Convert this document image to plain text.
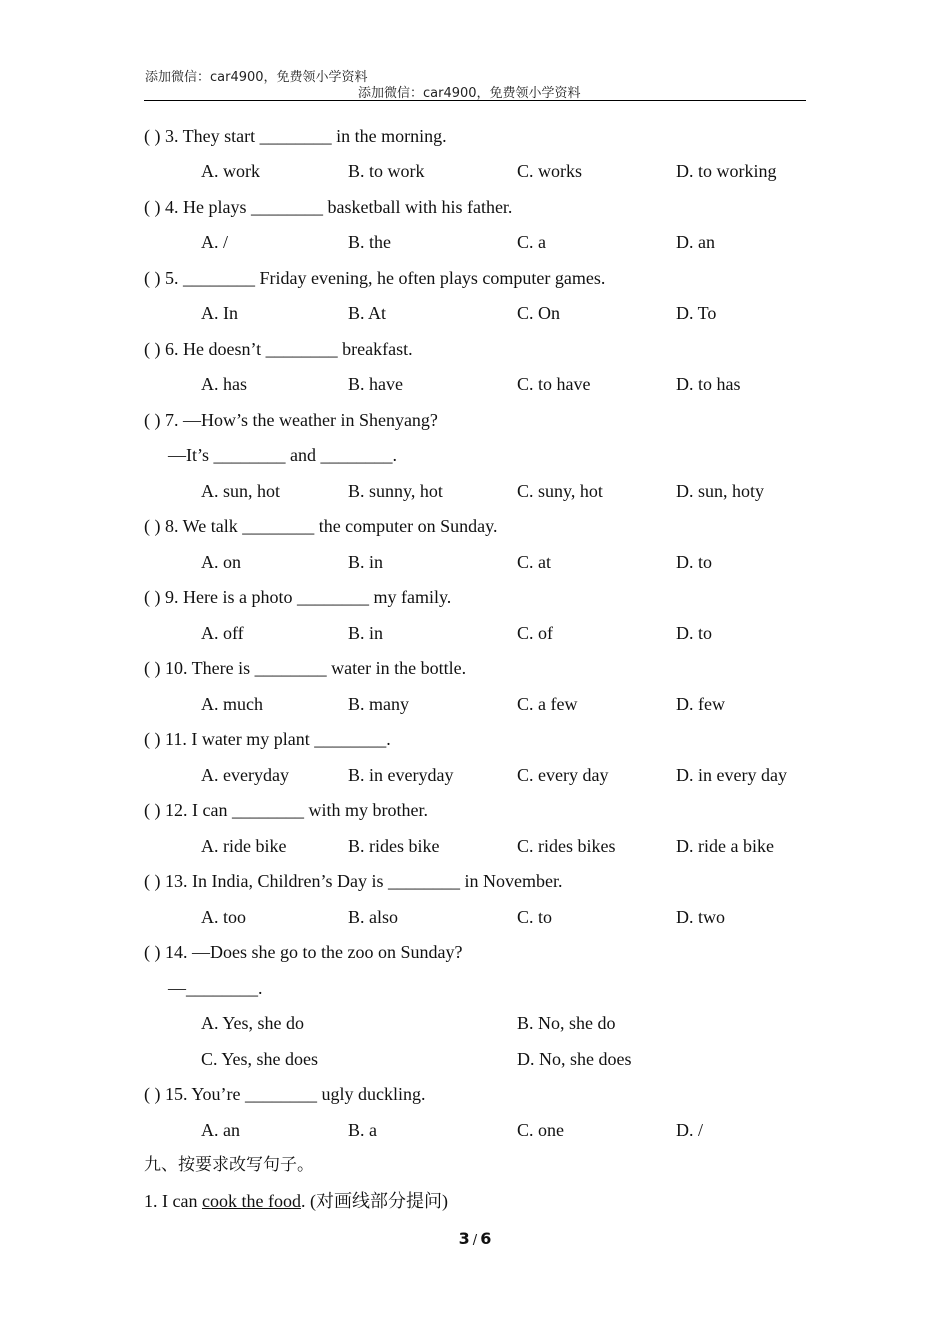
添加微信：car4900，免费领小学资料
添加微信：car4900，免费领小学资料
( ) 3. They start ________ in the morning.
A. work	B. to work	C. works	D. to working
( ) 4. He plays ________ basketball with his father.
A. /	B. the	C. a	D. an
( ) 5. ________ Friday evening, he often plays computer games.
A. In	B. At	C. On	D. To
( ) 6. He doesn’t ________ breakfast.
A. has	B. have	C. to have	D. to has
( ) 7. —How’s the weather in Shenyang?
—It’s ________ and ________.
A. sun, hot	B. sunny, hot	C. suny, hot	D. sun, hoty
( ) 8. We talk ________ the computer on Sunday.
A. on	B. in	C. at	D. to
( ) 9. Here is a photo ________ my family.
A. off	B. in	C. of	D. to
( ) 10. There is ________ water in the bottle.
A. much	B. many	C. a few	D. few
( ) 11. I water my plant ________.
A. everyday	B. in everyday	C. every day	D. in every day
( ) 12. I can ________ with my brother.
A. ride bike	B. rides bike	C. rides bikes	D. ride a bike
( ) 13. In India, Children’s Day is ________ in November.
A. too	B. also	C. to	D. two
( ) 14. —Does she go to the zoo on Sunday?
—________.
A. Yes, she do	B. No, she do
C. Yes, she does	D. No, she does
( ) 15. You’re ________ ugly duckling.
A. an	B. a	C. one	D. /
九、按要求改写句子。
1. I can cook the food. (对画线部分提问)
3 / 6
